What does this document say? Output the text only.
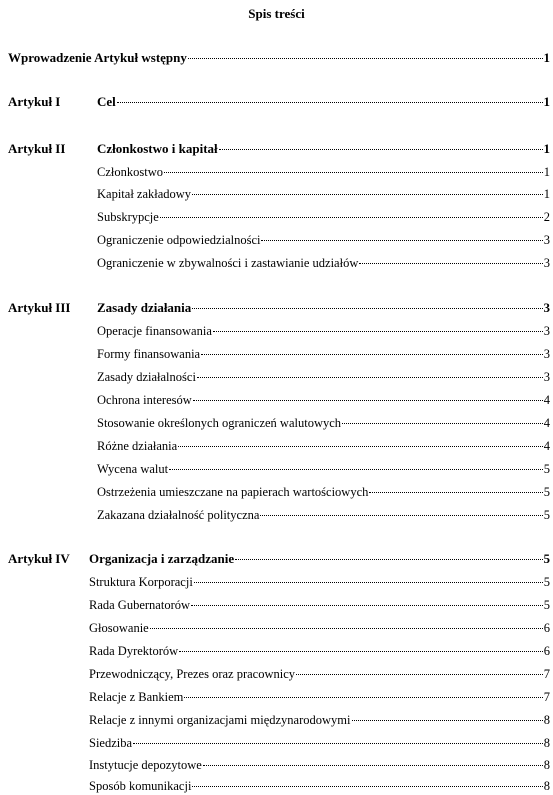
Spis treści
Wprowadzenie Artykuł wstępny	1
Artykuł I	Cel	1
Artykuł II Członkostwo i kapitał	1
Członkostwo	1
Kapitał zakładowy	1
Subskrypcje	2
Ograniczenie odpowiedzialności	3
Ograniczenie w zbywalności i zastawianie udziałów	3
Artykuł III Zasady działania	3
Operacje finansowania	3
Formy finansowania	3
Zasady działalności	3
Ochrona interesów	4
Stosowanie określonych ograniczeń walutowych	4
Różne działania	4
Wycena walut	5
Ostrzeżenia umieszczane na papierach wartościowych	5
Zakazana działalność polityczna	5
Artykuł IV Organizacja i zarządzanie	5
Struktura Korporacji	5
Rada Gubernatorów	5
Głosowanie	6
Rada Dyrektorów	6
Przewodniczący, Prezes oraz pracownicy	7
Relacje z Bankiem	7
Relacje z innymi organizacjami międzynarodowymi	8
Siedziba	8
Instytucje depozytowe	8
Sposób komunikacji	8
